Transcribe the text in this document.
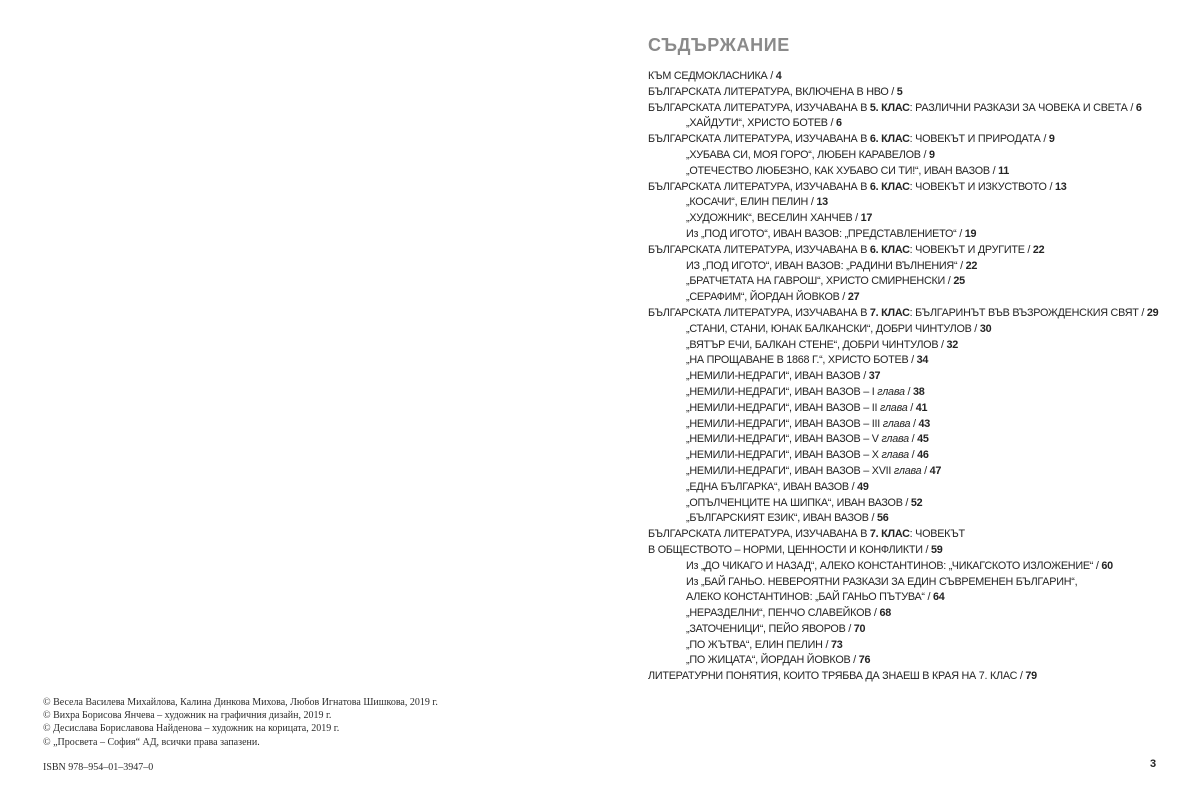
© Весела Василева Михайлова, Калина Динкова Михова, Любов Игнатова Шишкова, 2019 г.
© Вихра Борисова Янчева – художник на графичния дизайн, 2019 г.
© Десислава Бориславова Найденова – художник на корицата, 2019 г.
© „Просвета – София“ АД, всички права запазени.
ISBN 978–954–01–3947–0
СЪДЪРЖАНИЕ
КЪМ СЕДМОКЛАСНИКА / 4
БЪЛГАРСКАТА ЛИТЕРАТУРА, ВКЛЮЧЕНА В НВО / 5
БЪЛГАРСКАТА ЛИТЕРАТУРА, ИЗУЧАВАНА В 5. КЛАС: РАЗЛИЧНИ РАЗКАЗИ ЗА ЧОВЕКА И СВЕТА / 6
„ХАЙДУТИ“, ХРИСТО БОТЕВ / 6
БЪЛГАРСКАТА ЛИТЕРАТУРА, ИЗУЧАВАНА В 6. КЛАС: ЧОВЕКЪТ И ПРИРОДАТА / 9
„ХУБАВА СИ, МОЯ ГОРО“, ЛЮБЕН КАРАВЕЛОВ / 9
„ОТЕЧЕСТВО ЛЮБЕЗНО, КАК ХУБАВО СИ ТИ!“, ИВАН ВАЗОВ / 11
БЪЛГАРСКАТА ЛИТЕРАТУРА, ИЗУЧАВАНА В 6. КЛАС: ЧОВЕКЪТ И ИЗКУСТВОТО / 13
„КОСАЧИ“, ЕЛИН ПЕЛИН / 13
„ХУДОЖНИК“, ВЕСЕЛИН ХАНЧЕВ / 17
Из „ПОД ИГОТО“, ИВАН ВАЗОВ: „ПРЕДСТАВЛЕНИЕТО“ / 19
БЪЛГАРСКАТА ЛИТЕРАТУРА, ИЗУЧАВАНА В 6. КЛАС: ЧОВЕКЪТ И ДРУГИТЕ / 22
ИЗ „ПОД ИГОТО“, ИВАН ВАЗОВ: „РАДИНИ ВЪЛНЕНИЯ“ / 22
„БРАТЧЕТАТА НА ГАВРОШ“, ХРИСТО СМИРНЕНСКИ / 25
„СЕРАФИМ“, ЙОРДАН ЙОВКОВ / 27
БЪЛГАРСКАТА ЛИТЕРАТУРА, ИЗУЧАВАНА В 7. КЛАС: БЪЛГАРИНЪТ ВЪВ ВЪЗРОЖДЕНСКИЯ СВЯТ / 29
„СТАНИ, СТАНИ, ЮНАК БАЛКАНСКИ“, ДОБРИ ЧИНТУЛОВ / 30
„ВЯТЪР ЕЧИ, БАЛКАН СТЕНЕ“, ДОБРИ ЧИНТУЛОВ / 32
„НА ПРОЩАВАНЕ В 1868 Г.“, ХРИСТО БОТЕВ / 34
„НЕМИЛИ-НЕДРАГИ“, ИВАН ВАЗОВ / 37
„НЕМИЛИ-НЕДРАГИ“, ИВАН ВАЗОВ – I глава / 38
„НЕМИЛИ-НЕДРАГИ“, ИВАН ВАЗОВ – II глава / 41
„НЕМИЛИ-НЕДРАГИ“, ИВАН ВАЗОВ – III глава / 43
„НЕМИЛИ-НЕДРАГИ“, ИВАН ВАЗОВ – V глава / 45
„НЕМИЛИ-НЕДРАГИ“, ИВАН ВАЗОВ – X глава / 46
„НЕМИЛИ-НЕДРАГИ“, ИВАН ВАЗОВ – XVII глава / 47
„ЕДНА БЪЛГАРКА“, ИВАН ВАЗОВ / 49
„ОПЪЛЧЕНЦИТЕ НА ШИПКА“, ИВАН ВАЗОВ / 52
„БЪЛГАРСКИЯТ ЕЗИК“, ИВАН ВАЗОВ / 56
БЪЛГАРСКАТА ЛИТЕРАТУРА, ИЗУЧАВАНА В 7. КЛАС: ЧОВЕКЪТ
В ОБЩЕСТВОТО – НОРМИ, ЦЕННОСТИ И КОНФЛИКТИ / 59
Из „ДО ЧИКАГО И НАЗАД“, АЛЕКО КОНСТАНТИНОВ: „ЧИКАГСКОТО ИЗЛОЖЕНИЕ“ / 60
Из „БАЙ ГАНЬО. НЕВЕРОЯТНИ РАЗКАЗИ ЗА ЕДИН СЪВРЕМЕНЕН БЪЛГАРИН“,
АЛЕКО КОНСТАНТИНОВ: „БАЙ ГАНЬО ПЪТУВА“ / 64
„НЕРАЗДЕЛНИ“, ПЕНЧО СЛАВЕЙКОВ / 68
„ЗАТОЧЕНИЦИ“, ПЕЙО ЯВОРОВ / 70
„ПО ЖЪТВА“, ЕЛИН ПЕЛИН / 73
„ПО ЖИЦАТА“, ЙОРДАН ЙОВКОВ / 76
ЛИТЕРАТУРНИ ПОНЯТИЯ, КОИТО ТРЯБВА ДА ЗНАЕШ В КРАЯ НА 7. КЛАС / 79
3
